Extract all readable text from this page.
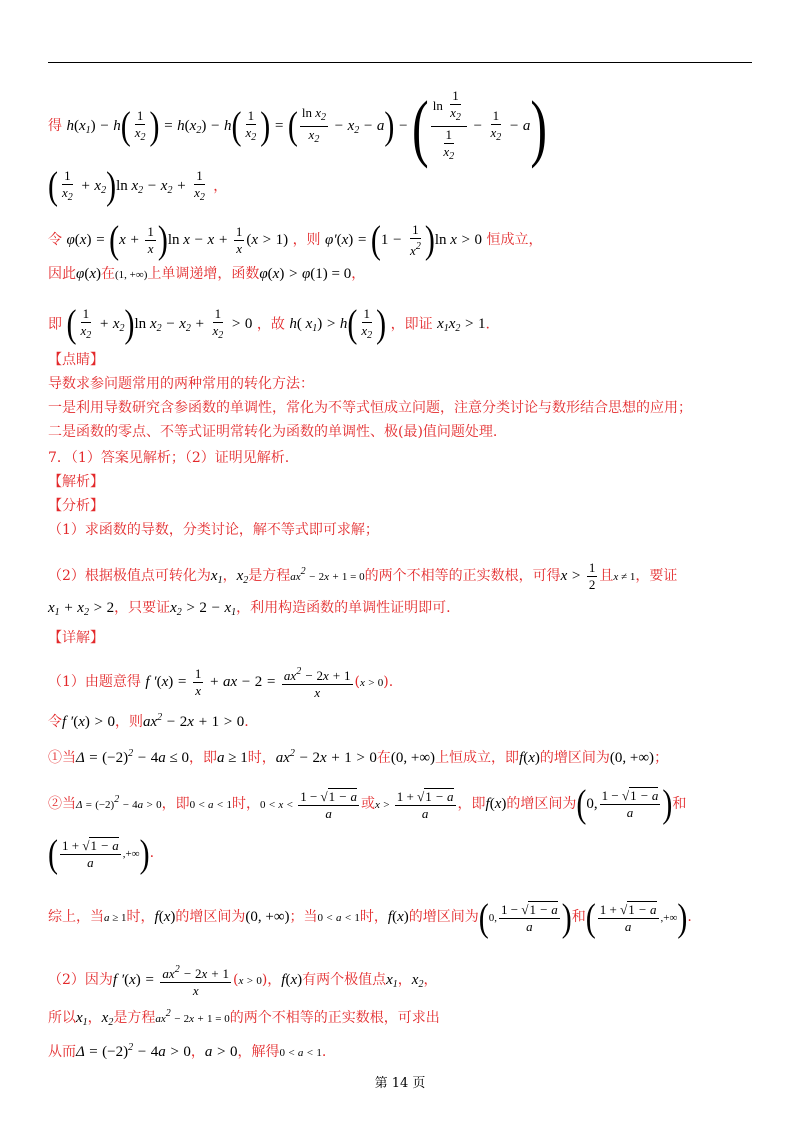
得 $h(x_1) - h( \frac{1}{x_2}$ ) = $h(x_2) - h( \frac{1}{x_2}$ ) = ( $\frac{\ln x_2}{x_2} - x_2 - a$) − ( $\frac{\ln \frac{1}{x_2}}{\frac{1}{x_2}} - \frac{1}{x_2} - a$)
( $\frac{1}{x_2} + x_2)\ln$ $x_2 - x_2 + \frac{1}{x_2}$ ，
令 $\varphi(x) = (x + \frac{1}{x} )\ln$ $x - x + \frac{1}{x} (x > 1)$ ，则 $\varphi'(x) = (1 - \frac{1}{x^2} )\ln$ x > 0 恒成立，
因此φ(x)在(1, +∞)上单调递增，函数φ(x) > φ(1) = 0，
即 ( $\frac{1}{x_2} + x_2)\ln$ $x_2 - x_2 + \frac{1}{x_2} > 0$ ，故 h( $x_1) > h( \frac{1}{x_2}$ ) ，即证 $x_1x_2 > 1$.
【点睛】
导数求参问题常用的两种常用的转化方法：
一是利用导数研究含参函数的单调性，常化为不等式恒成立问题，注意分类讨论与数形结合思想的应用；
二是函数的零点、不等式证明常转化为函数的单调性、极(最)值问题处理.
7．（1）答案见解析；（2）证明见解析.
【解析】
【分析】
（1）求函数的导数，分类讨论，解不等式即可求解；
（2）根据极值点可转化为$x_1$，$x_2$是方程ax2 − 2x + 1 = 0的两个不相等的正实数根，可得$x > \frac{1}{2}$ 且x ≠ 1，要证
$x_1 + x_2 > 2$，只要证$x_2 > 2 - x_1$，利用构造函数的单调性证明即可.
【详解】
（1）由题意得 f $'(x) = \frac{1}{x}$ + ax − $2 = \frac{ax^2 - 2x + 1}{x} (x > 0)$.
令f ′(x) > 0，则$ax^2 - 2x + 1 > 0$.
①当$\Delta = (-2)^2 - 4a \le 0$，即a ≥ 1时，$ax^2 - 2x + 1 > 0$在(0, +∞)上恒成立，即f(x)的增区间为(0, +∞)；
②当Δ = (−2)2 − 4a > 0，即0 < a < 1时，$0 < x < \frac{1 - √1 - a}{a}$ 或$x > \frac{1 + √1 - a}{a}$ ，即f(x)的增区间为(0, $\frac{1 - √1 - a}{a}$ )和
( $\frac{1 + √1 - a}{a}$ ,+∞).
综上，当a ≥ 1时，f(x)的增区间为(0, +∞)；当0 < a < 1时，f(x)的增区间为(0, $\frac{1 - √1 - a}{a}$ )和( $\frac{1 + √1 - a}{a}$ ,+∞).
（2）因为f $'(x) = \frac{ax^2 - 2x + 1}{x} (x > 0)$，f(x)有两个极值点$x_1$，$x_2$，
所以$x_1$，$x_2$是方程ax2 − 2x + 1 = 0的两个不相等的正实数根，可求出
从而$\Delta = (-2)^2 - 4a > 0$，a > 0，解得0 < a < 1.
第 14 页
